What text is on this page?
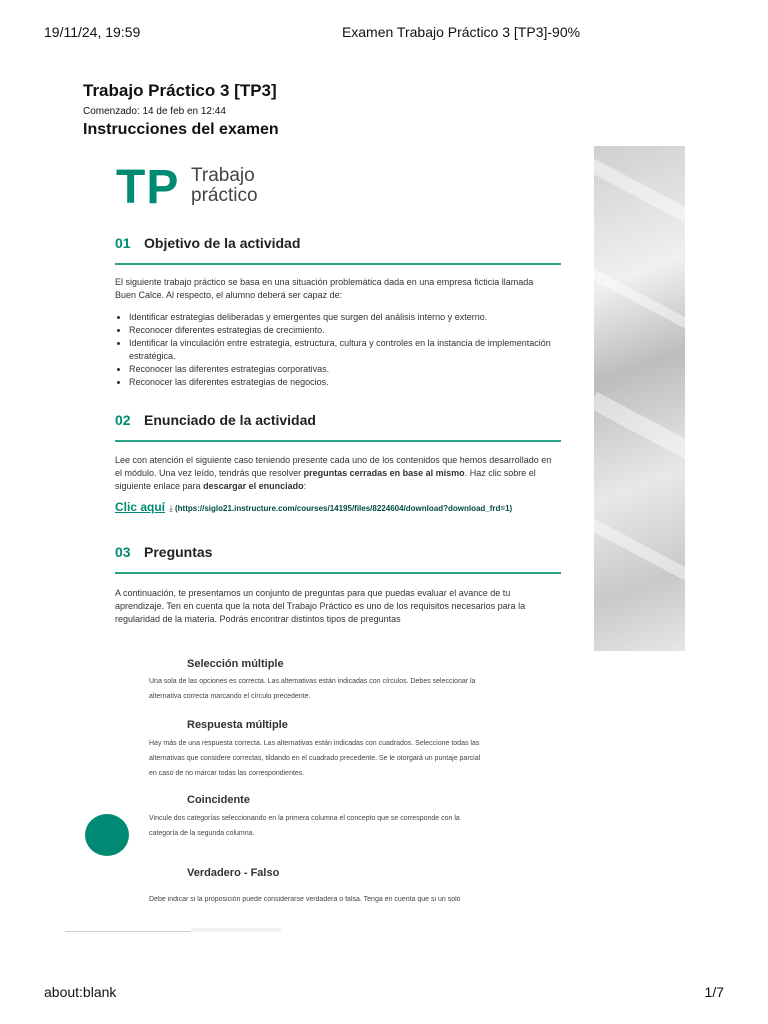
19/11/24, 19:59	Examen Trabajo Práctico 3 [TP3]-90%
Trabajo Práctico 3 [TP3]
Comenzado: 14 de feb en 12:44
Instrucciones del examen
TP Trabajo práctico
01 Objetivo de la actividad

El siguiente trabajo práctico se basa en una situación problemática dada en una empresa ficticia llamada Buen Calce. Al respecto, el alumno deberá ser capaz de:

• Identificar estrategias deliberadas y emergentes que surgen del análisis interno y externo.
• Reconocer diferentes estrategias de crecimiento.
• Identificar la vinculación entre estrategia, estructura, cultura y controles en la instancia de implementación estratégica.
• Reconocer las diferentes estrategias corporativas.
• Reconocer las diferentes estrategias de negocios.
02 Enunciado de la actividad

Lee con atención el siguiente caso teniendo presente cada uno de los contenidos que hemos desarrollado en el módulo. Una vez leído, tendrás que resolver preguntas cerradas en base al mismo. Haz clic sobre el siguiente enlace para descargar el enunciado:

Clic aquí ⤓ (https://siglo21.instructure.com/courses/14195/files/8224604/download?download_frd=1)
03 Preguntas

A continuación, te presentamos un conjunto de preguntas para que puedas evaluar el avance de tu aprendizaje. Ten en cuenta que la nota del Trabajo Práctico es uno de los requisitos necesarios para la regularidad de la materia. Podrás encontrar distintos tipos de preguntas

Selección múltiple
Una sola de las opciones es correcta. Las alternativas están indicadas con círculos. Debes seleccionar la
alternativa correcta marcando el círculo precedente.
Respuesta múltiple
Hay más de una respuesta correcta. Las alternativas están indicadas con cuadrados. Seleccione todas las
alternativas que considere correctas, tildando en el cuadrado precedente. Se le otorgará un puntaje parcial
en caso de no marcar todas las correspondientes.
Coincidente
Vincule dos categorías seleccionando en la primera columna el concepto que se corresponde con la
categoría de la segunda columna.
Verdadero - Falso
Debe indicar si la proposición puede considerarse verdadera o falsa. Tenga en cuenta que si un solo
about:blank	1/7
